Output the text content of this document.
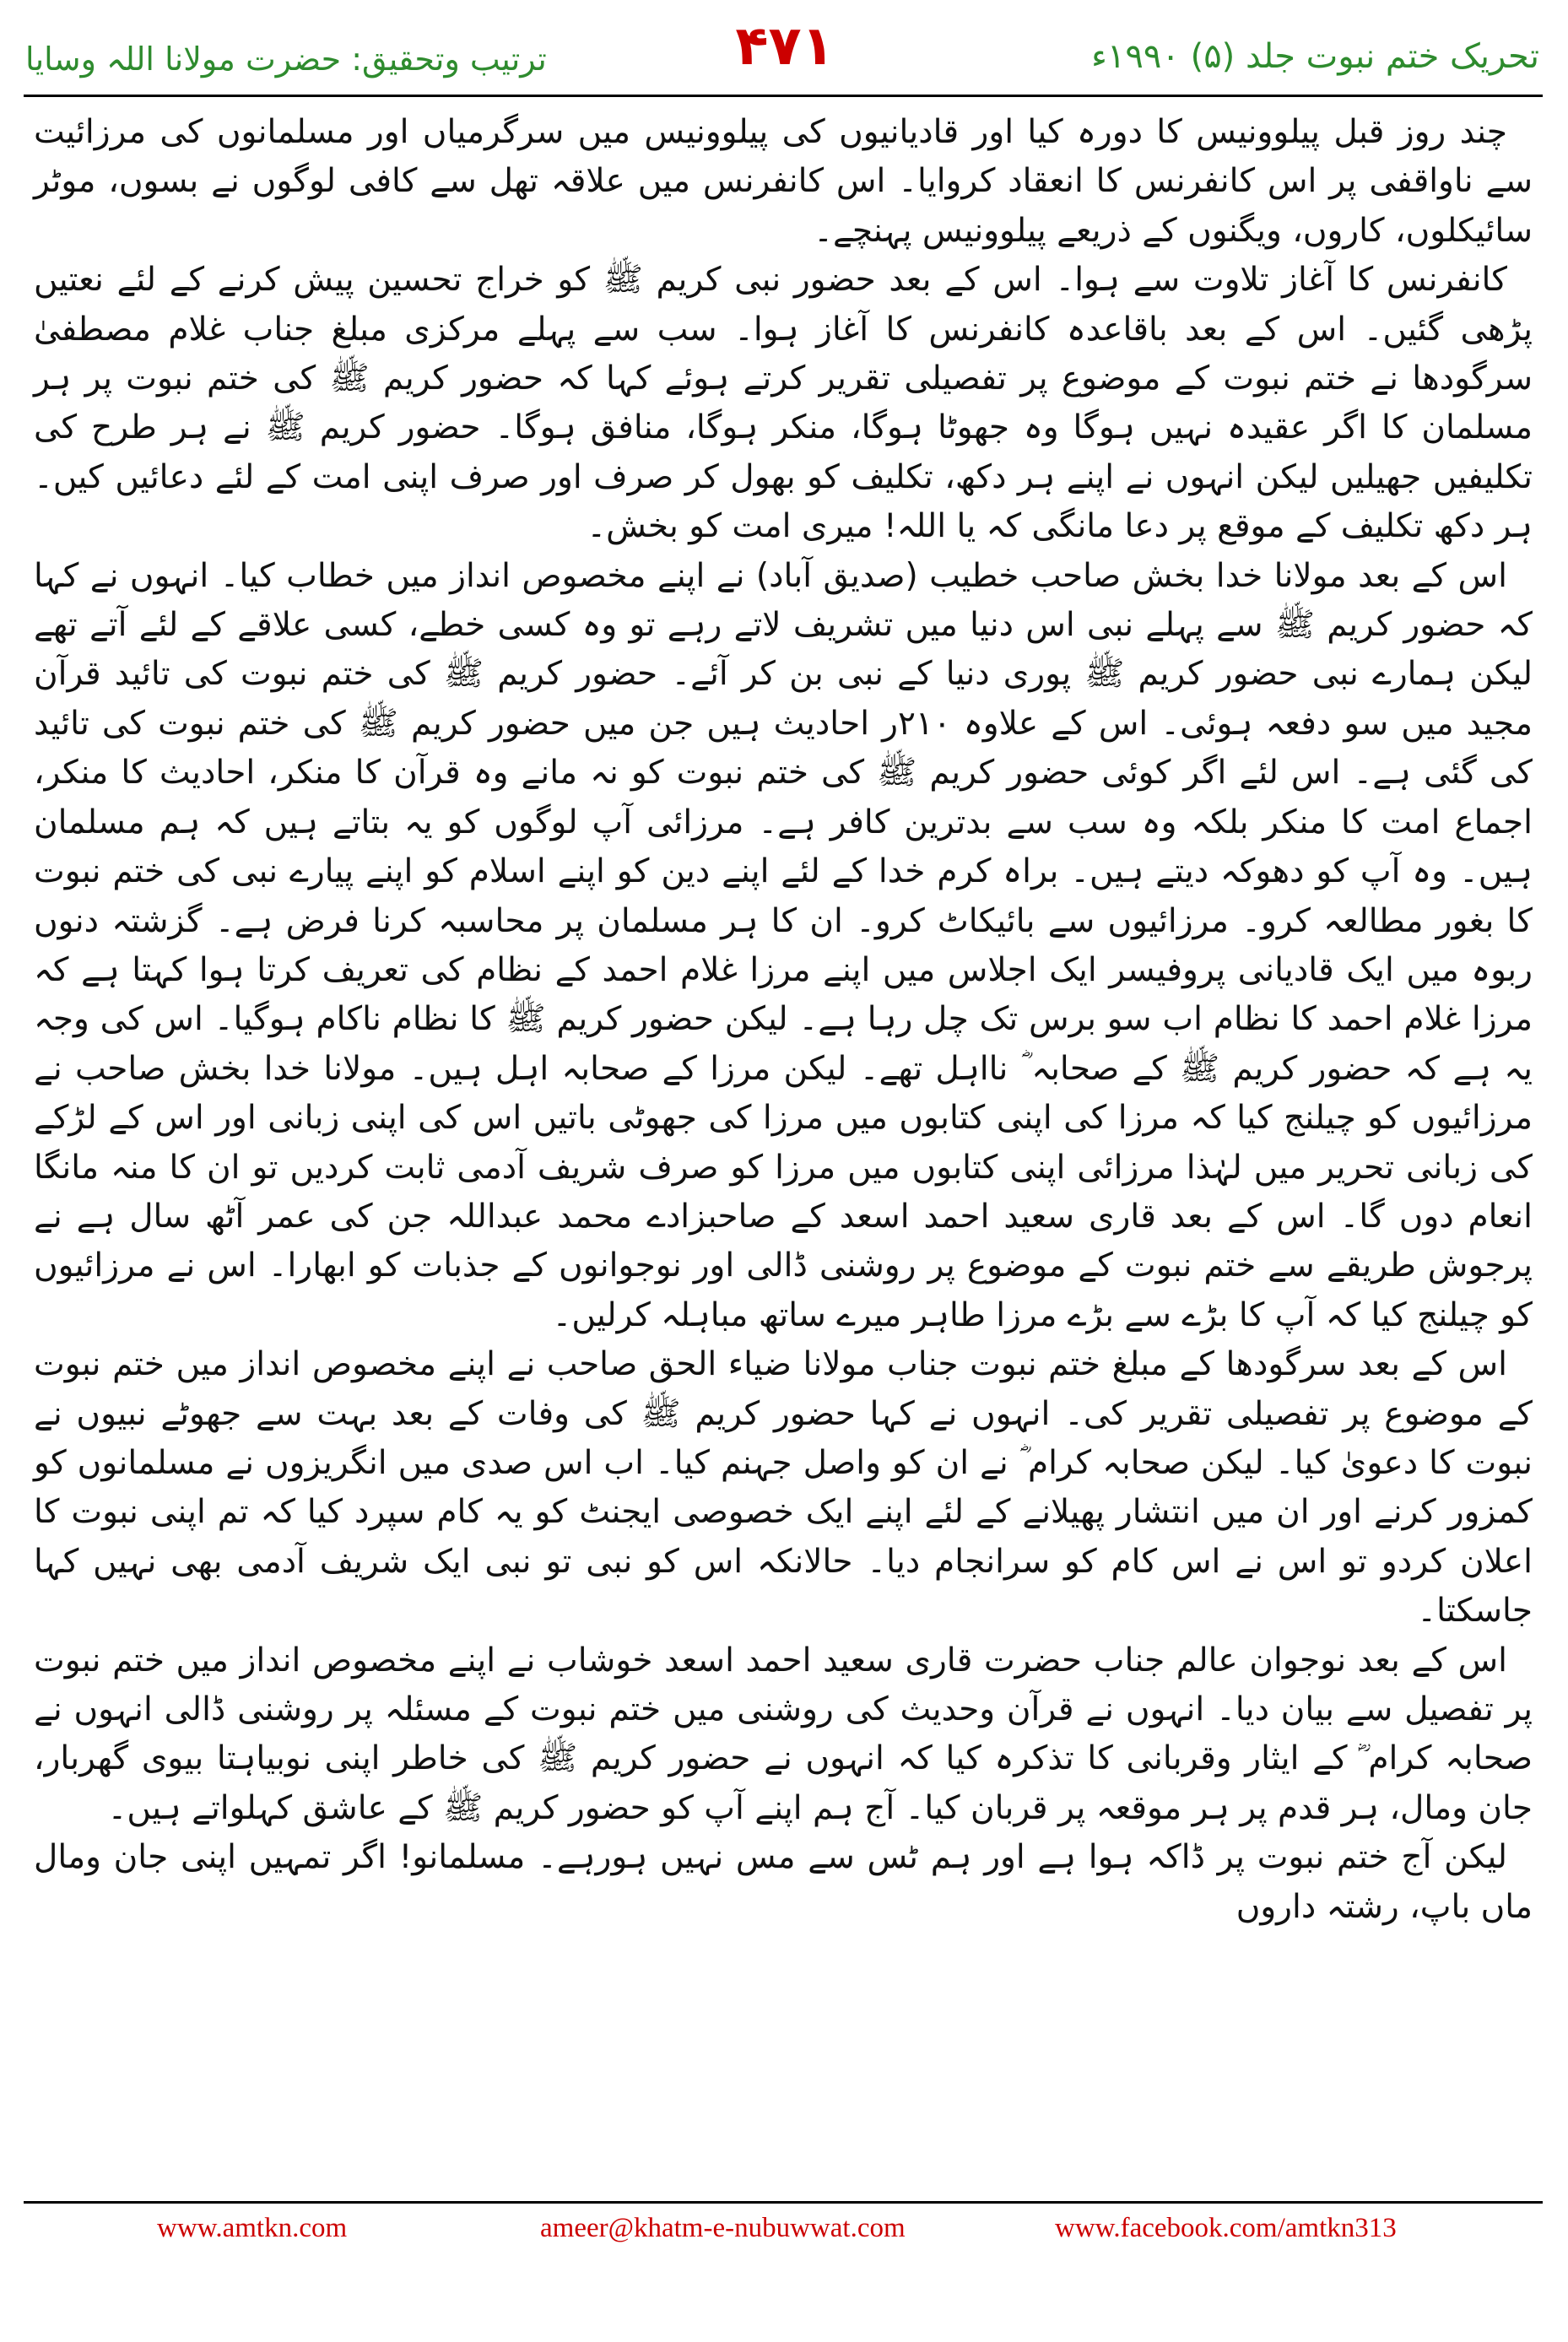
ترتیب وتحقیق: حضرت مولانا اللہ وسایا	۴۷۱	تحریک ختم نبوت جلد (۵) ۱۹۹۰ء

چند روز قبل پیلوونیس کا دورہ کیا اور قادیانیوں کی پیلوونیس میں سرگرمیاں اور مسلمانوں کی مرزائیت سے ناواقفی پر اس کانفرنس کا انعقاد کروایا۔ اس کانفرنس میں علاقہ تھل سے کافی لوگوں نے بسوں، موٹر سائیکلوں، کاروں، ویگنوں کے ذریعے پیلوونیس پہنچے۔

کانفرنس کا آغاز تلاوت سے ہوا۔ اس کے بعد حضور نبی کریم ﷺ کو خراج تحسین پیش کرنے کے لئے نعتیں پڑھی گئیں۔ اس کے بعد باقاعدہ کانفرنس کا آغاز ہوا۔ سب سے پہلے مرکزی مبلغ جناب غلام مصطفیٰ سرگودھا نے ختم نبوت کے موضوع پر تفصیلی تقریر کرتے ہوئے کہا کہ حضور کریم ﷺ کی ختم نبوت پر ہر مسلمان کا اگر عقیدہ نہیں ہوگا وہ جھوٹا ہوگا، منکر ہوگا، منافق ہوگا۔ حضور کریم ﷺ نے ہر طرح کی تکلیفیں جھیلیں لیکن انہوں نے اپنے ہر دکھ، تکلیف کو بھول کر صرف اور صرف اپنی امت کے لئے دعائیں کیں۔ ہر دکھ تکلیف کے موقع پر دعا مانگی کہ یا اللہ! میری امت کو بخش۔

اس کے بعد مولانا خدا بخش صاحب خطیب (صدیق آباد) نے اپنے مخصوص انداز میں خطاب کیا۔ انہوں نے کہا کہ حضور کریم ﷺ سے پہلے نبی اس دنیا میں تشریف لاتے رہے تو وہ کسی خطے، کسی علاقے کے لئے آتے تھے لیکن ہمارے نبی حضور کریم ﷺ پوری دنیا کے نبی بن کر آئے۔ حضور کریم ﷺ کی ختم نبوت کی تائید قرآن مجید میں سو دفعہ ہوئی۔ اس کے علاوہ ۲۱۰ر احادیث ہیں جن میں حضور کریم ﷺ کی ختم نبوت کی تائید کی گئی ہے۔ اس لئے اگر کوئی حضور کریم ﷺ کی ختم نبوت کو نہ مانے وہ قرآن کا منکر، احادیث کا منکر، اجماع امت کا منکر بلکہ وہ سب سے بدترین کافر ہے۔ مرزائی آپ لوگوں کو یہ بتاتے ہیں کہ ہم مسلمان ہیں۔ وہ آپ کو دھوکہ دیتے ہیں۔ براہ کرم خدا کے لئے اپنے دین کو اپنے اسلام کو اپنے پیارے نبی کی ختم نبوت کا بغور مطالعہ کرو۔ مرزائیوں سے بائیکاٹ کرو۔ ان کا ہر مسلمان پر محاسبہ کرنا فرض ہے۔ گزشتہ دنوں ربوہ میں ایک قادیانی پروفیسر ایک اجلاس میں اپنے مرزا غلام احمد کے نظام کی تعریف کرتا ہوا کہتا ہے کہ مرزا غلام احمد کا نظام اب سو برس تک چل رہا ہے۔ لیکن حضور کریم ﷺ کا نظام ناکام ہوگیا۔ اس کی وجہ یہ ہے کہ حضور کریم ﷺ کے صحابہ ؓ نااہل تھے۔ لیکن مرزا کے صحابہ اہل ہیں۔ مولانا خدا بخش صاحب نے مرزائیوں کو چیلنج کیا کہ مرزا کی اپنی کتابوں میں مرزا کی جھوٹی باتیں اس کی اپنی زبانی اور اس کے لڑکے کی زبانی تحریر میں لہٰذا مرزائی اپنی کتابوں میں مرزا کو صرف شریف آدمی ثابت کردیں تو ان کا منہ مانگا انعام دوں گا۔ اس کے بعد قاری سعید احمد اسعد کے صاحبزادے محمد عبداللہ جن کی عمر آٹھ سال ہے نے پرجوش طریقے سے ختم نبوت کے موضوع پر روشنی ڈالی اور نوجوانوں کے جذبات کو ابھارا۔ اس نے مرزائیوں کو چیلنج کیا کہ آپ کا بڑے سے بڑے مرزا طاہر میرے ساتھ مباہلہ کرلیں۔

اس کے بعد سرگودھا کے مبلغ ختم نبوت جناب مولانا ضیاء الحق صاحب نے اپنے مخصوص انداز میں ختم نبوت کے موضوع پر تفصیلی تقریر کی۔ انہوں نے کہا حضور کریم ﷺ کی وفات کے بعد بہت سے جھوٹے نبیوں نے نبوت کا دعویٰ کیا۔ لیکن صحابہ کرام ؓ نے ان کو واصل جہنم کیا۔ اب اس صدی میں انگریزوں نے مسلمانوں کو کمزور کرنے اور ان میں انتشار پھیلانے کے لئے اپنے ایک خصوصی ایجنٹ کو یہ کام سپرد کیا کہ تم اپنی نبوت کا اعلان کردو تو اس نے اس کام کو سرانجام دیا۔ حالانکہ اس کو نبی تو نبی ایک شریف آدمی بھی نہیں کہا جاسکتا۔

اس کے بعد نوجوان عالم جناب حضرت قاری سعید احمد اسعد خوشاب نے اپنے مخصوص انداز میں ختم نبوت پر تفصیل سے بیان دیا۔ انہوں نے قرآن وحدیث کی روشنی میں ختم نبوت کے مسئلہ پر روشنی ڈالی انہوں نے صحابہ کرام ؓ کے ایثار وقربانی کا تذکرہ کیا کہ انہوں نے حضور کریم ﷺ کی خاطر اپنی نوبیاہتا بیوی گھربار، جان ومال، ہر قدم پر ہر موقعہ پر قربان کیا۔ آج ہم اپنے آپ کو حضور کریم ﷺ کے عاشق کہلواتے ہیں۔

لیکن آج ختم نبوت پر ڈاکہ ہوا ہے اور ہم ٹس سے مس نہیں ہورہے۔ مسلمانو! اگر تمہیں اپنی جان ومال ماں باپ، رشتہ داروں

www.amtkn.com	ameer@khatm-e-nubuwwat.com	www.facebook.com/amtkn313
